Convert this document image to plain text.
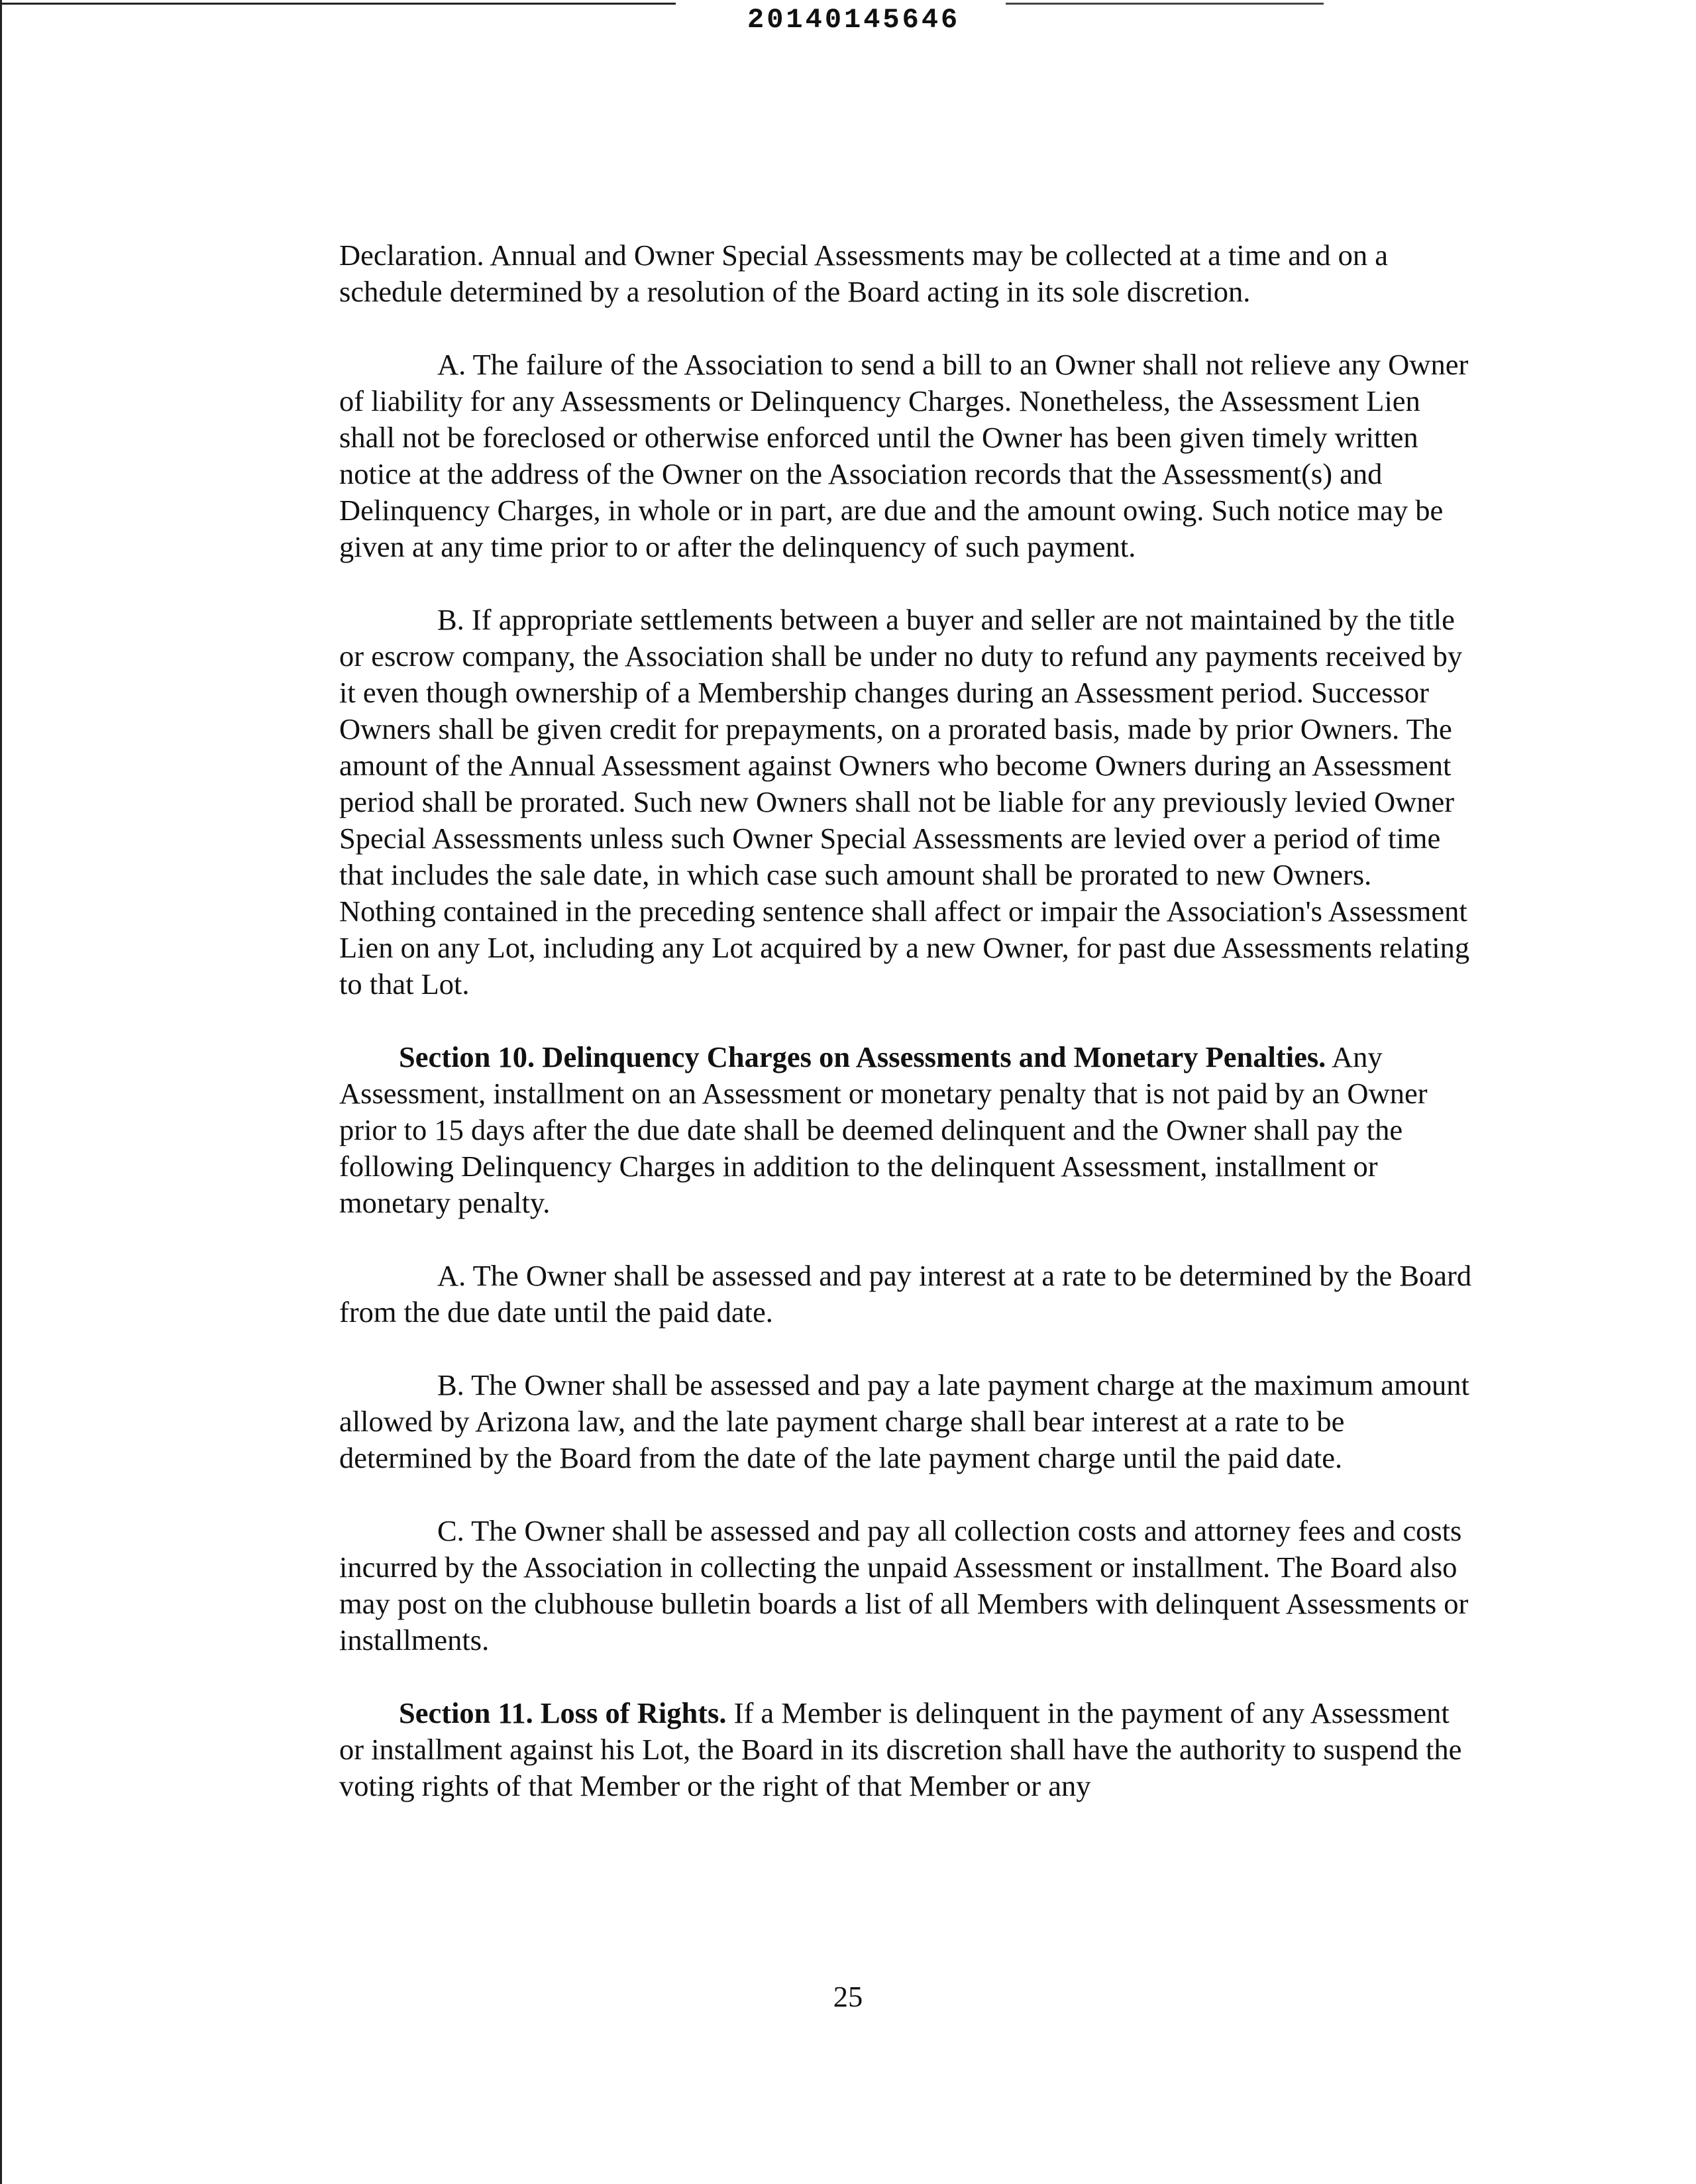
20140145646

Declaration. Annual and Owner Special Assessments may be collected at a time and on a schedule determined by a resolution of the Board acting in its sole discretion.

A. The failure of the Association to send a bill to an Owner shall not relieve any Owner of liability for any Assessments or Delinquency Charges. Nonetheless, the Assessment Lien shall not be foreclosed or otherwise enforced until the Owner has been given timely written notice at the address of the Owner on the Association records that the Assessment(s) and Delinquency Charges, in whole or in part, are due and the amount owing. Such notice may be given at any time prior to or after the delinquency of such payment.

B. If appropriate settlements between a buyer and seller are not maintained by the title or escrow company, the Association shall be under no duty to refund any payments received by it even though ownership of a Membership changes during an Assessment period. Successor Owners shall be given credit for prepayments, on a prorated basis, made by prior Owners. The amount of the Annual Assessment against Owners who become Owners during an Assessment period shall be prorated. Such new Owners shall not be liable for any previously levied Owner Special Assessments unless such Owner Special Assessments are levied over a period of time that includes the sale date, in which case such amount shall be prorated to new Owners. Nothing contained in the preceding sentence shall affect or impair the Association's Assessment Lien on any Lot, including any Lot acquired by a new Owner, for past due Assessments relating to that Lot.

Section 10. Delinquency Charges on Assessments and Monetary Penalties. Any Assessment, installment on an Assessment or monetary penalty that is not paid by an Owner prior to 15 days after the due date shall be deemed delinquent and the Owner shall pay the following Delinquency Charges in addition to the delinquent Assessment, installment or monetary penalty.

A. The Owner shall be assessed and pay interest at a rate to be determined by the Board from the due date until the paid date.

B. The Owner shall be assessed and pay a late payment charge at the maximum amount allowed by Arizona law, and the late payment charge shall bear interest at a rate to be determined by the Board from the date of the late payment charge until the paid date.

C. The Owner shall be assessed and pay all collection costs and attorney fees and costs incurred by the Association in collecting the unpaid Assessment or installment. The Board also may post on the clubhouse bulletin boards a list of all Members with delinquent Assessments or installments.

Section 11. Loss of Rights. If a Member is delinquent in the payment of any Assessment or installment against his Lot, the Board in its discretion shall have the authority to suspend the voting rights of that Member or the right of that Member or any

25
